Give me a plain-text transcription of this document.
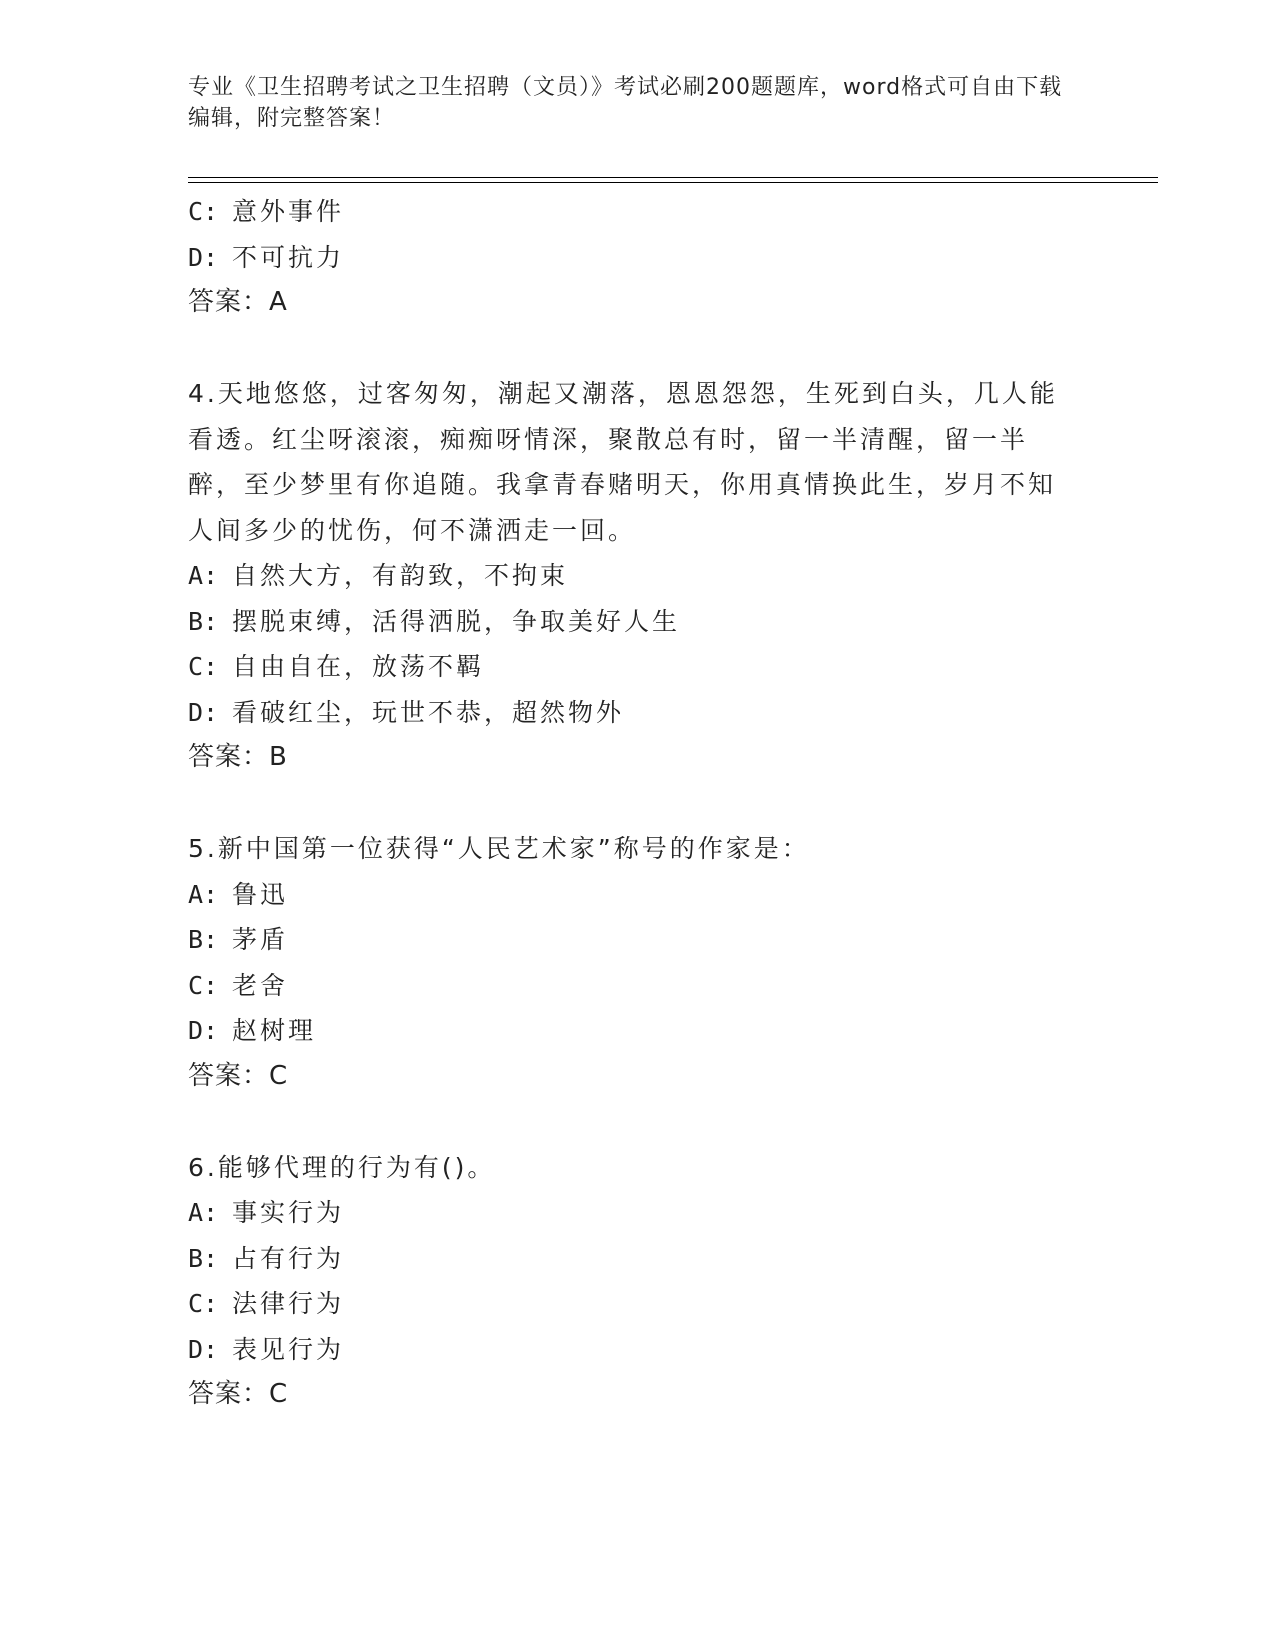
专业《卫生招聘考试之卫生招聘（文员）》考试必刷200题题库，word格式可自由下载编辑，附完整答案！
C: 意外事件
D: 不可抗力
答案：A
4.天地悠悠，过客匆匆，潮起又潮落，恩恩怨怨，生死到白头，几人能看透。红尘呀滚滚，痴痴呀情深，聚散总有时，留一半清醒，留一半醉，至少梦里有你追随。我拿青春赌明天，你用真情换此生，岁月不知人间多少的忧伤，何不潇洒走一回。
A: 自然大方，有韵致，不拘束
B: 摆脱束缚，活得洒脱，争取美好人生
C: 自由自在，放荡不羁
D: 看破红尘，玩世不恭，超然物外
答案：B
5.新中国第一位获得“人民艺术家”称号的作家是：
A: 鲁迅
B: 茅盾
C: 老舍
D: 赵树理
答案：C
6.能够代理的行为有()。
A: 事实行为
B: 占有行为
C: 法律行为
D: 表见行为
答案：C
